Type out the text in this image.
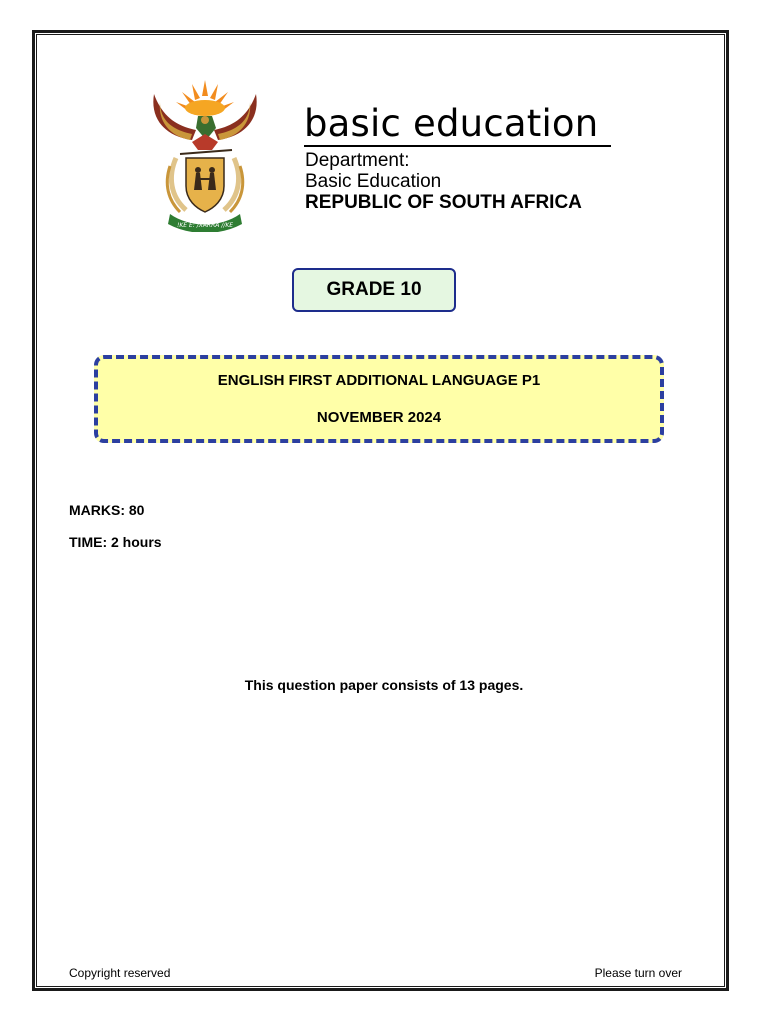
!KE E: /XARRA //KE
basic education
Department:
Basic Education
REPUBLIC OF SOUTH AFRICA
GRADE 10
ENGLISH FIRST ADDITIONAL LANGUAGE P1
NOVEMBER 2024
MARKS: 80
TIME: 2 hours
This question paper consists of 13 pages.
Copyright reserved	Please turn over
